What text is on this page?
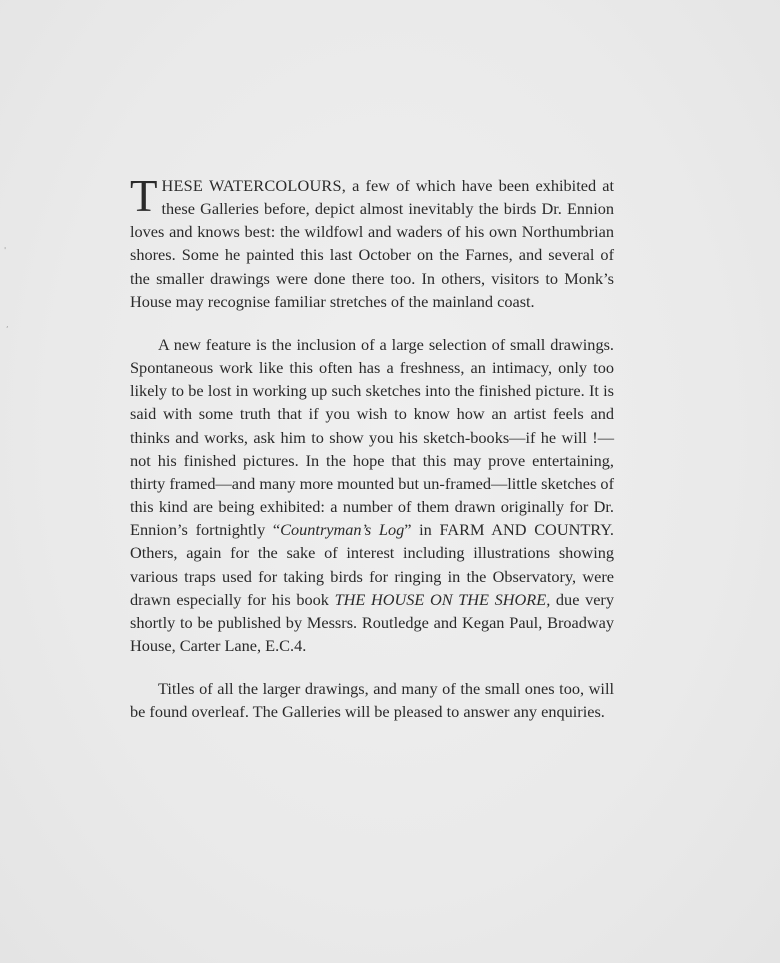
'
,

THESE WATERCOLOURS, a few of which have been exhibited at these Galleries before, depict almost inevitably the birds Dr. Ennion loves and knows best: the wildfowl and waders of his own Northumbrian shores. Some he painted this last October on the Farnes, and several of the smaller drawings were done there too. In others, visitors to Monk’s House may recognise familiar stretches of the mainland coast.

A new feature is the inclusion of a large selection of small drawings. Spontaneous work like this often has a freshness, an intimacy, only too likely to be lost in working up such sketches into the finished picture. It is said with some truth that if you wish to know how an artist feels and thinks and works, ask him to show you his sketch-books—if he will !—not his finished pictures. In the hope that this may prove entertaining, thirty framed—and many more mounted but un-framed—little sketches of this kind are being exhibited: a number of them drawn originally for Dr. Ennion’s fortnightly “Countryman’s Log” in FARM AND COUNTRY. Others, again for the sake of interest including illustrations showing various traps used for taking birds for ringing in the Observatory, were drawn especially for his book THE HOUSE ON THE SHORE, due very shortly to be published by Messrs. Routledge and Kegan Paul, Broadway House, Carter Lane, E.C.4.

Titles of all the larger drawings, and many of the small ones too, will be found overleaf. The Galleries will be pleased to answer any enquiries.
